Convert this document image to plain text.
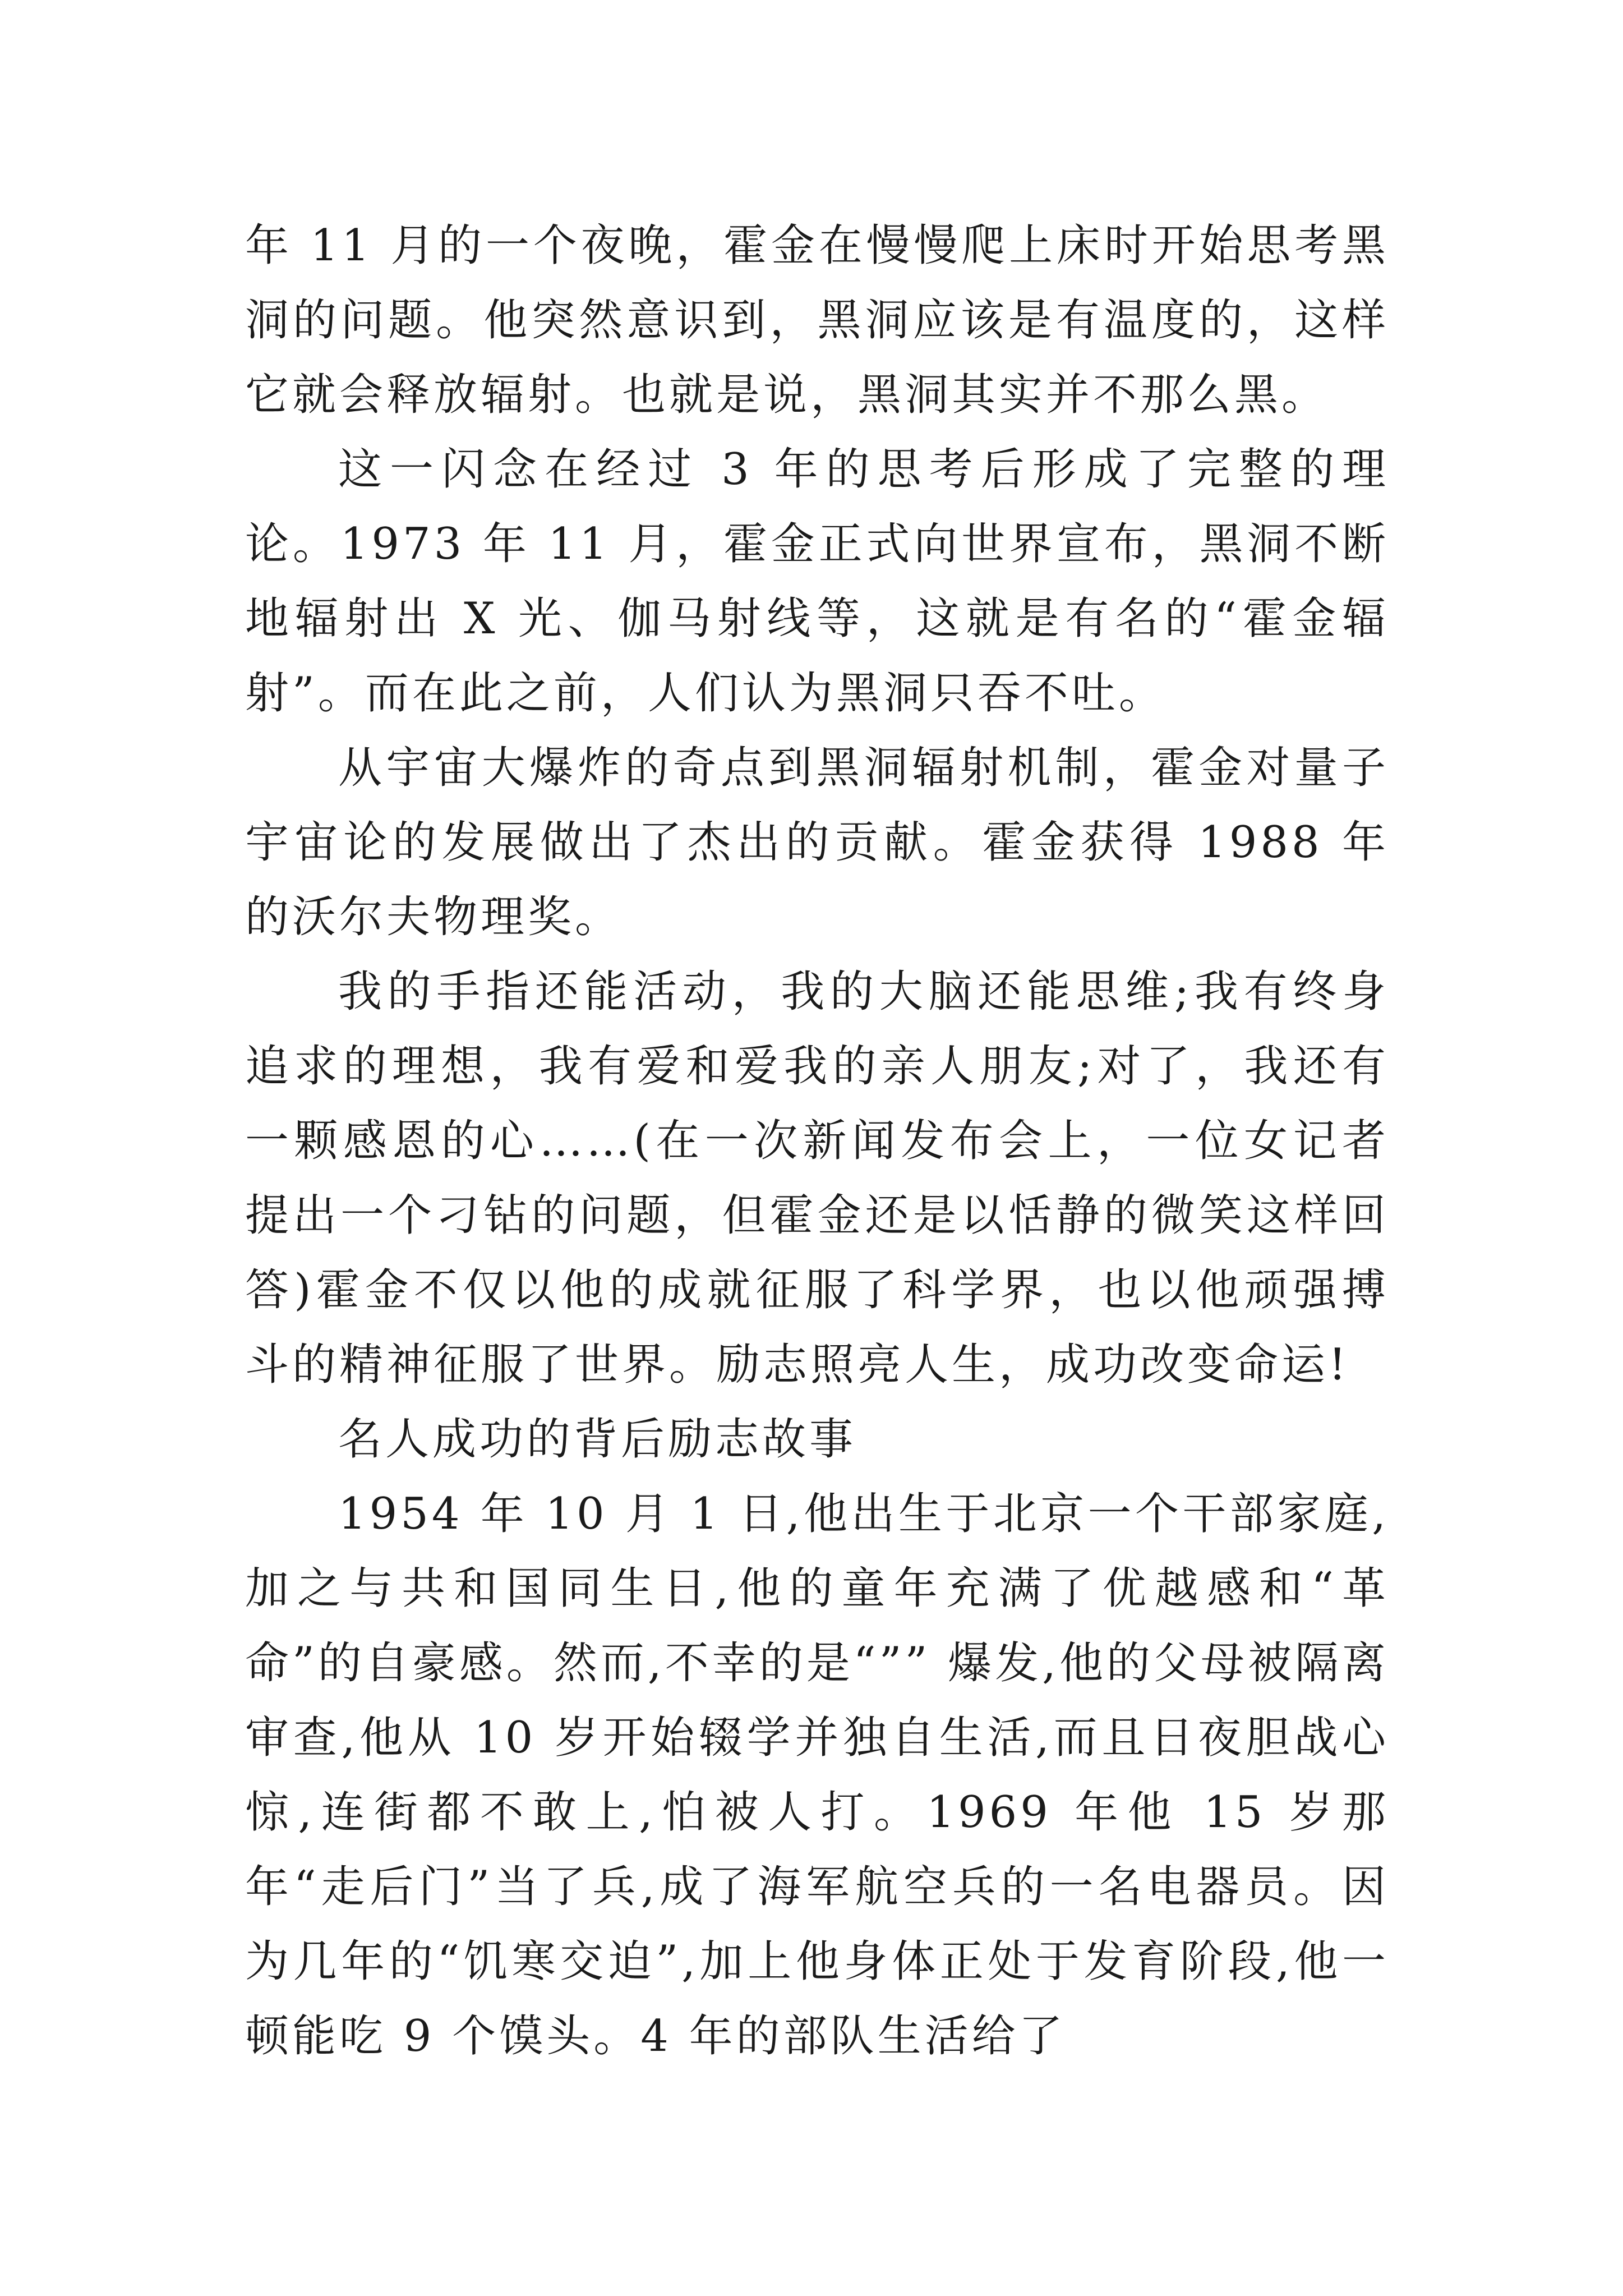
年 11 月的一个夜晚，霍金在慢慢爬上床时开始思考黑洞的问题。他突然意识到，黑洞应该是有温度的，这样它就会释放辐射。也就是说，黑洞其实并不那么黑。

这一闪念在经过 3 年的思考后形成了完整的理论。1973 年 11 月，霍金正式向世界宣布，黑洞不断地辐射出 X 光、伽马射线等，这就是有名的“霍金辐射”。而在此之前，人们认为黑洞只吞不吐。

从宇宙大爆炸的奇点到黑洞辐射机制，霍金对量子宇宙论的发展做出了杰出的贡献。霍金获得 1988 年的沃尔夫物理奖。

我的手指还能活动，我的大脑还能思维;我有终身追求的理想，我有爱和爱我的亲人朋友;对了，我还有一颗感恩的心……(在一次新闻发布会上，一位女记者提出一个刁钻的问题，但霍金还是以恬静的微笑这样回答)霍金不仅以他的成就征服了科学界，也以他顽强搏斗的精神征服了世界。励志照亮人生，成功改变命运!

名人成功的背后励志故事

1954 年 10 月 1 日,他出生于北京一个干部家庭,加之与共和国同生日,他的童年充满了优越感和“革命”的自豪感。然而,不幸的是“”” 爆发,他的父母被隔离审查,他从 10 岁开始辍学并独自生活,而且日夜胆战心惊,连街都不敢上,怕被人打。1969 年他 15 岁那年“走后门”当了兵,成了海军航空兵的一名电器员。因为几年的“饥寒交迫”,加上他身体正处于发育阶段,他一顿能吃 9 个馍头。4 年的部队生活给了
